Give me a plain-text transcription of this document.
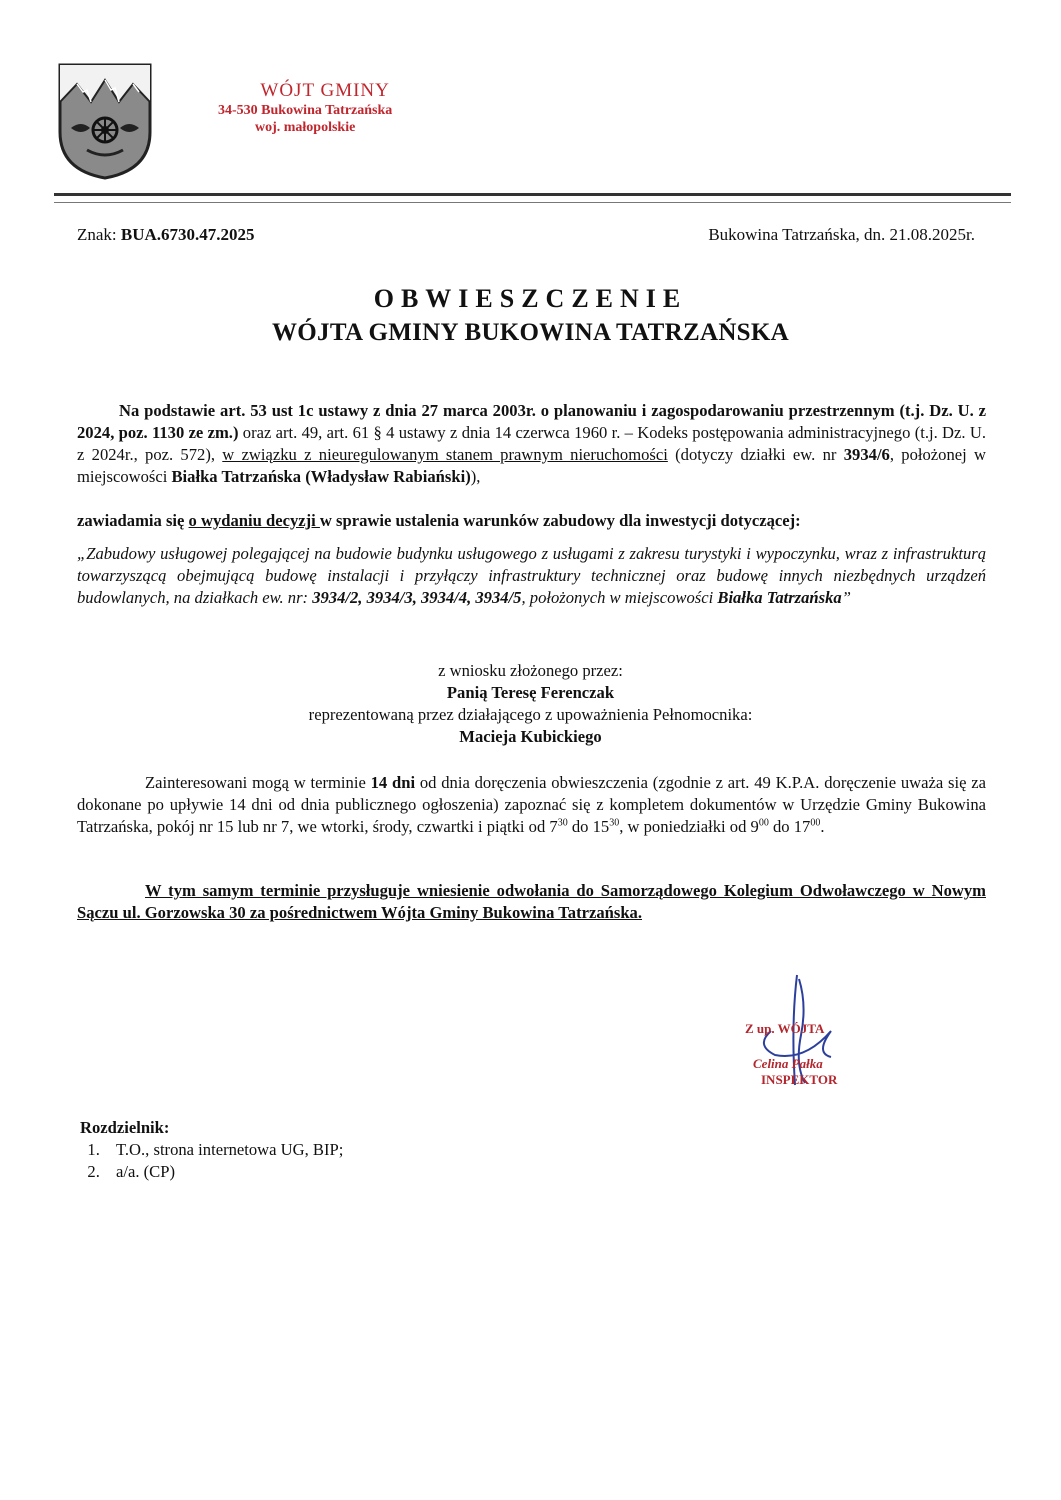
WÓJT GMINY
34-530 Bukowina Tatrzańska
woj. małopolskie
Znak: BUA.6730.47.2025	Bukowina Tatrzańska, dn. 21.08.2025r.
OBWIESZCZENIE
WÓJTA GMINY BUKOWINA TATRZAŃSKA
Na podstawie art. 53 ust 1c ustawy z dnia 27 marca 2003r. o planowaniu i zagospodarowaniu przestrzennym (t.j. Dz. U. z 2024, poz. 1130 ze zm.) oraz art. 49, art. 61 § 4 ustawy z dnia 14 czerwca 1960 r. – Kodeks postępowania administracyjnego (t.j. Dz. U. z 2024r., poz. 572), w związku z nieuregulowanym stanem prawnym nieruchomości (dotyczy działki ew. nr 3934/6, położonej w miejscowości Białka Tatrzańska (Władysław Rabiański)),
zawiadamia się o wydaniu decyzji w sprawie ustalenia warunków zabudowy dla inwestycji dotyczącej:
„Zabudowy usługowej polegającej na budowie budynku usługowego z usługami z zakresu turystyki i wypoczynku, wraz z infrastrukturą towarzyszącą obejmującą budowę instalacji i przyłączy infrastruktury technicznej oraz budowę innych niezbędnych urządzeń budowlanych, na działkach ew. nr: 3934/2, 3934/3, 3934/4, 3934/5, położonych w miejscowości Białka Tatrzańska”
z wniosku złożonego przez:
Panią Teresę Ferenczak
reprezentowaną przez działającego z upoważnienia Pełnomocnika:
Macieja Kubickiego
Zainteresowani mogą w terminie 14 dni od dnia doręczenia obwieszczenia (zgodnie z art. 49 K.P.A. doręczenie uważa się za dokonane po upływie 14 dni od dnia publicznego ogłoszenia) zapoznać się z kompletem dokumentów w Urzędzie Gminy Bukowina Tatrzańska, pokój nr 15 lub nr 7, we wtorki, środy, czwartki i piątki od $7^{30}$ do $15^{30}$, w poniedziałki od $9^{00}$ do $17^{00}$.
W tym samym terminie przysługuje wniesienie odwołania do Samorządowego Kolegium Odwoławczego w Nowym Sączu ul. Gorzowska 30 za pośrednictwem Wójta Gminy Bukowina Tatrzańska.
Z up. WÓJTA
Celina Pałka
INSPEKTOR
Rozdzielnik:
1. T.O., strona internetowa UG, BIP;
2. a/a. (CP)
